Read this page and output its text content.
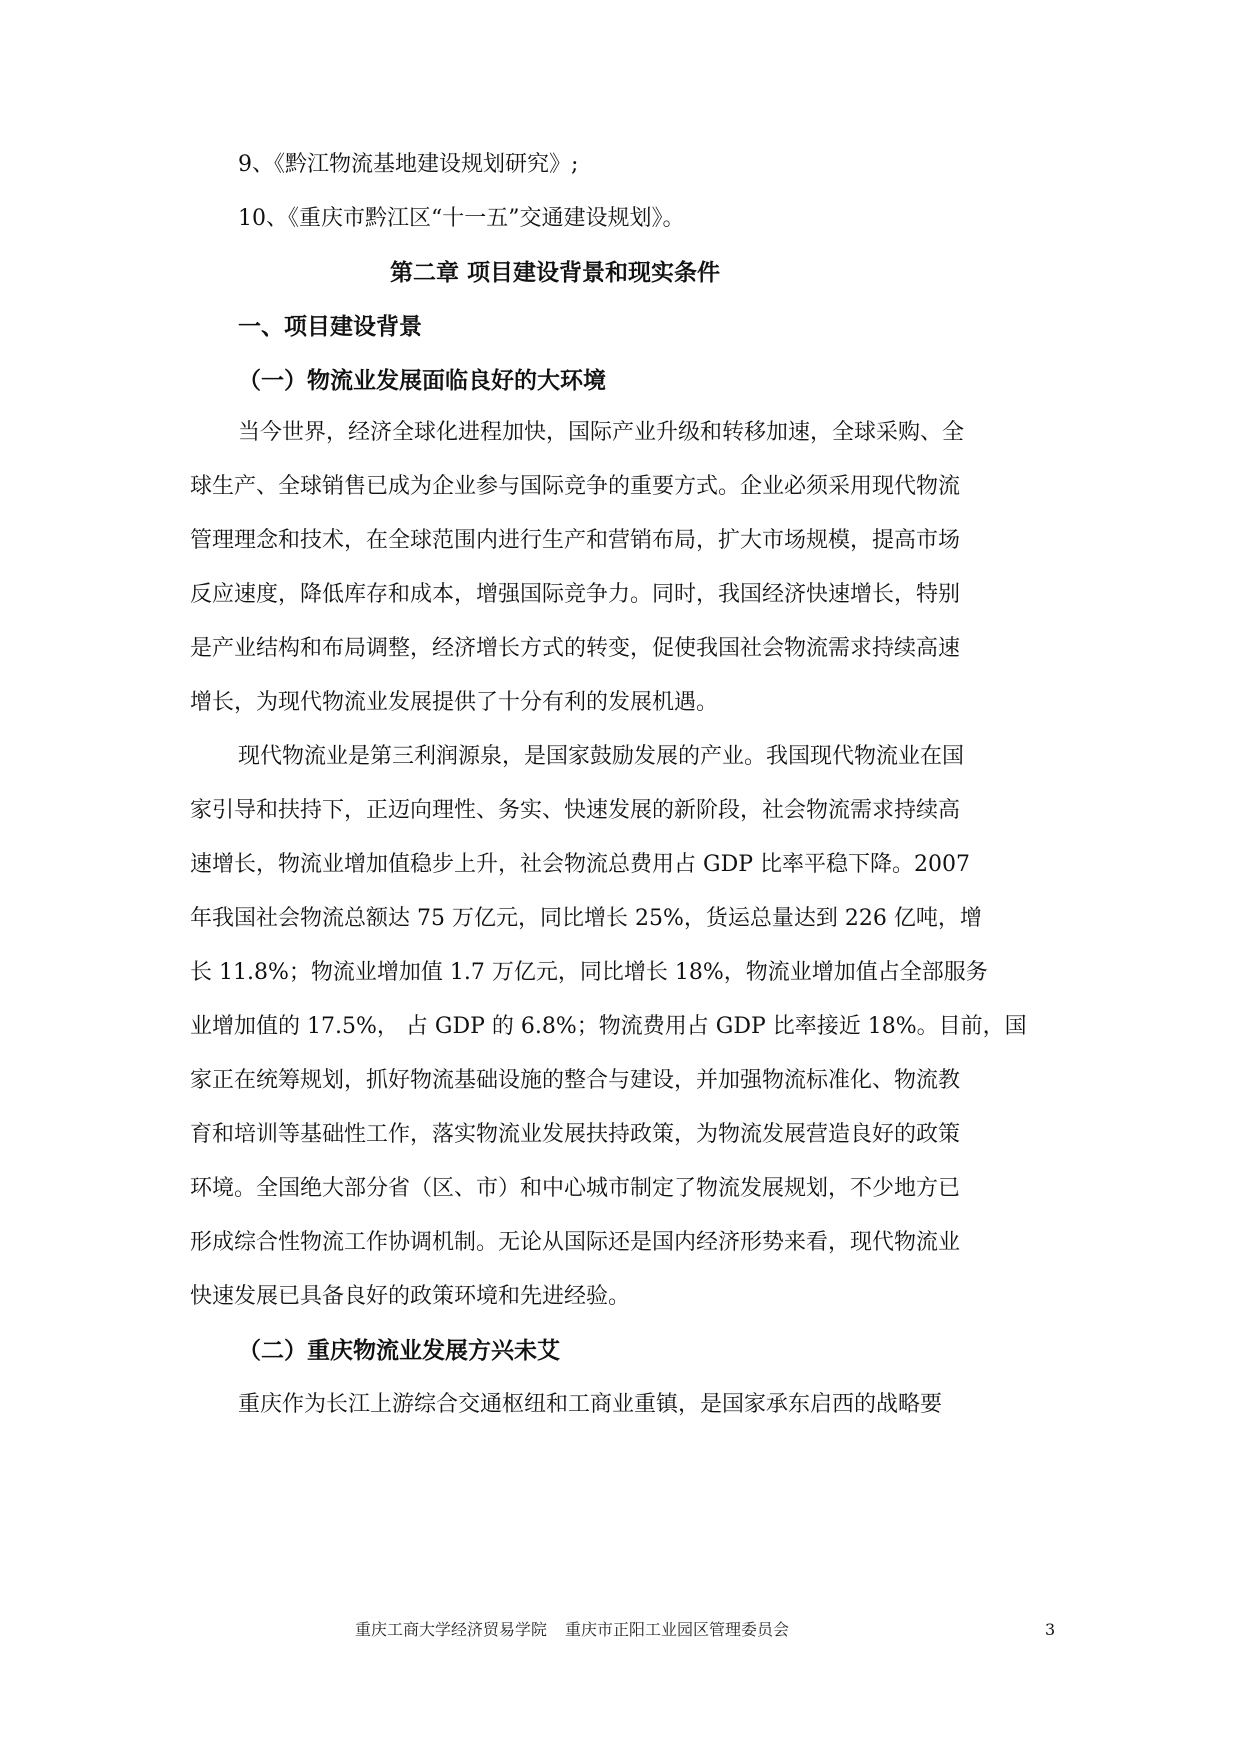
9、《黔江物流基地建设规划研究》;
10、《重庆市黔江区“十一五”交通建设规划》。
第二章 项目建设背景和现实条件
一、项目建设背景
（一）物流业发展面临良好的大环境
当今世界，经济全球化进程加快，国际产业升级和转移加速，全球采购、全
球生产、全球销售已成为企业参与国际竞争的重要方式。企业必须采用现代物流
管理理念和技术，在全球范围内进行生产和营销布局，扩大市场规模，提高市场
反应速度，降低库存和成本，增强国际竞争力。同时，我国经济快速增长，特别
是产业结构和布局调整，经济增长方式的转变，促使我国社会物流需求持续高速
增长，为现代物流业发展提供了十分有利的发展机遇。
现代物流业是第三利润源泉，是国家鼓励发展的产业。我国现代物流业在国
家引导和扶持下，正迈向理性、务实、快速发展的新阶段，社会物流需求持续高
速增长，物流业增加值稳步上升，社会物流总费用占 GDP 比率平稳下降。2007
年我国社会物流总额达 75 万亿元，同比增长 25%，货运总量达到 226 亿吨，增
长 11.8%；物流业增加值 1.7 万亿元，同比增长 18%，物流业增加值占全部服务
业增加值的 17.5%， 占 GDP 的 6.8%；物流费用占 GDP 比率接近 18%。目前，国
家正在统筹规划，抓好物流基础设施的整合与建设，并加强物流标准化、物流教
育和培训等基础性工作，落实物流业发展扶持政策，为物流发展营造良好的政策
环境。全国绝大部分省（区、市）和中心城市制定了物流发展规划，不少地方已
形成综合性物流工作协调机制。无论从国际还是国内经济形势来看，现代物流业
快速发展已具备良好的政策环境和先进经验。
（二）重庆物流业发展方兴未艾
重庆作为长江上游综合交通枢纽和工商业重镇，是国家承东启西的战略要
重庆工商大学经济贸易学院 重庆市正阳工业园区管理委员会	3
